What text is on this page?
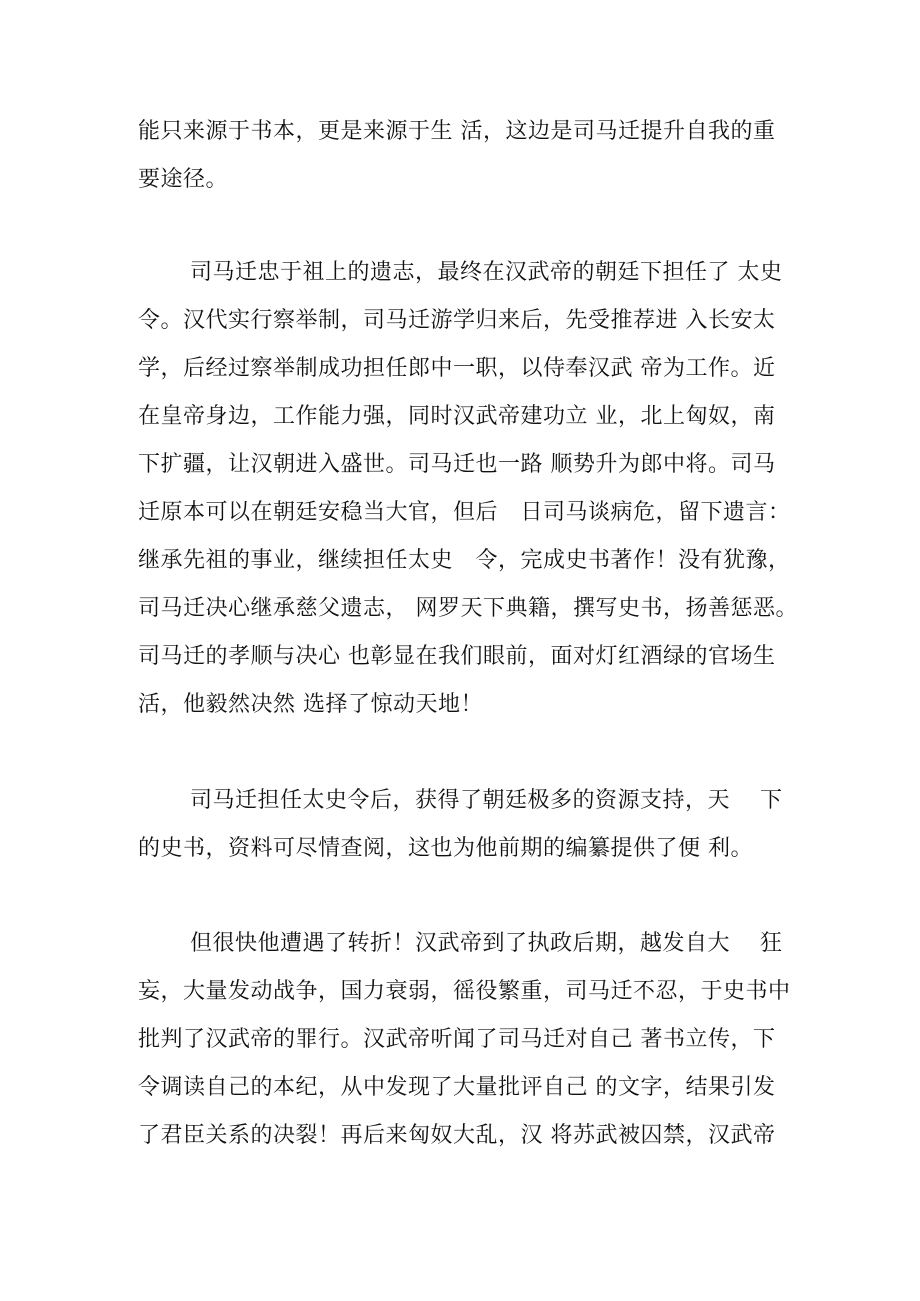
能只来源于书本，更是来源于生 活，这边是司马迁提升自我的重
要途径。
司马迁忠于祖上的遗志，最终在汉武帝的朝廷下担任了 太史
令。汉代实行察举制，司马迁游学归来后，先受推荐进 入长安太
学，后经过察举制成功担任郎中一职，以侍奉汉武 帝为工作。近
在皇帝身边，工作能力强，同时汉武帝建功立 业，北上匈奴，南
下扩疆，让汉朝进入盛世。司马迁也一路 顺势升为郎中将。司马
迁原本可以在朝廷安稳当大官，但后   日司马谈病危，留下遗言：
继承先祖的事业，继续担任太史   令，完成史书著作！没有犹豫，
司马迁决心继承慈父遗志， 网罗天下典籍，撰写史书，扬善惩恶。
司马迁的孝顺与决心 也彰显在我们眼前，面对灯红酒绿的官场生
活，他毅然决然 选择了惊动天地！
司马迁担任太史令后，获得了朝廷极多的资源支持，天    下
的史书，资料可尽情查阅，这也为他前期的编纂提供了便 利。
但很快他遭遇了转折！汉武帝到了执政后期，越发自大    狂
妄，大量发动战争，国力衰弱，徭役繁重，司马迁不忍，于史书中
批判了汉武帝的罪行。汉武帝听闻了司马迁对自己 著书立传，下
令调读自己的本纪，从中发现了大量批评自己 的文字，结果引发
了君臣关系的决裂！再后来匈奴大乱，汉 将苏武被囚禁，汉武帝
